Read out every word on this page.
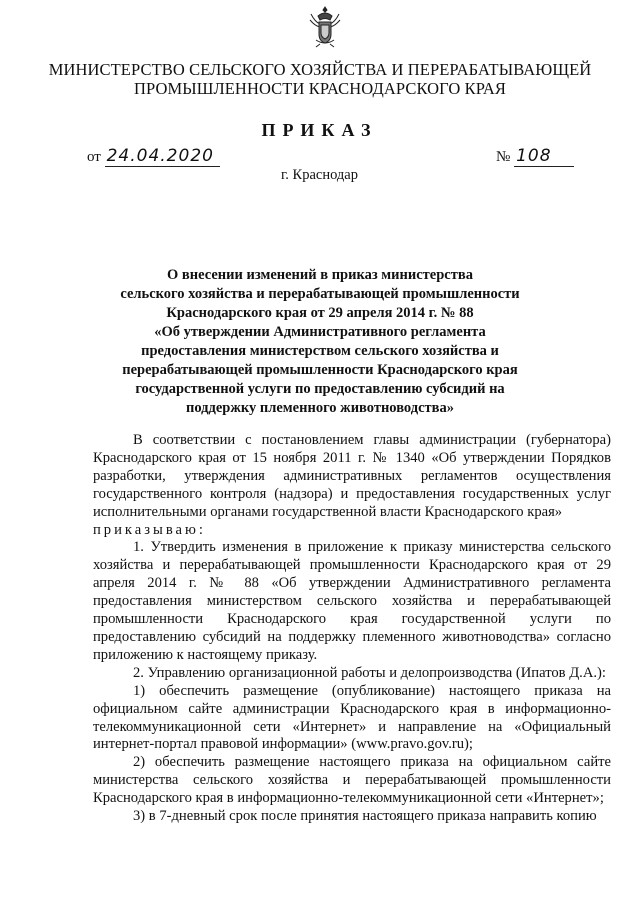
МИНИСТЕРСТВО СЕЛЬСКОГО ХОЗЯЙСТВА И ПЕРЕРАБАТЫВАЮЩЕЙ
ПРОМЫШЛЕННОСТИ КРАСНОДАРСКОГО КРАЯ
ПРИКАЗ
от 24.04.2020	№ 108
г. Краснодар
О внесении изменений в приказ министерства
сельского хозяйства и перерабатывающей промышленности
Краснодарского края от 29 апреля 2014 г. № 88
«Об утверждении Административного регламента
предоставления министерством сельского хозяйства и
перерабатывающей промышленности Краснодарского края
государственной услуги по предоставлению субсидий на
поддержку племенного животноводства»

В соответствии с постановлением главы администрации (губернатора) Краснодарского края от 15 ноября 2011 г. № 1340 «Об утверждении Порядков разработки, утверждения административных регламентов осуществления государственного контроля (надзора) и предоставления государственных услуг исполнительными органами государственной власти Краснодарского края»

приказываю:

1. Утвердить изменения в приложение к приказу министерства сельского хозяйства и перерабатывающей промышленности Краснодарского края от 29 апреля 2014 г. № 88 «Об утверждении Административного регламента предоставления министерством сельского хозяйства и перерабатывающей промышленности Краснодарского края государственной услуги по предоставлению субсидий на поддержку племенного животноводства» согласно приложению к настоящему приказу.

2. Управлению организационной работы и делопроизводства (Ипатов Д.А.):

1) обеспечить размещение (опубликование) настоящего приказа на официальном сайте администрации Краснодарского края в информационно-телекоммуникационной сети «Интернет» и направление на «Официальный интернет-портал правовой информации» (www.pravo.gov.ru);

2) обеспечить размещение настоящего приказа на официальном сайте министерства сельского хозяйства и перерабатывающей промышленности Краснодарского края в информационно-телекоммуникационной сети «Интернет»;

3) в 7-дневный срок после принятия настоящего приказа направить копию
